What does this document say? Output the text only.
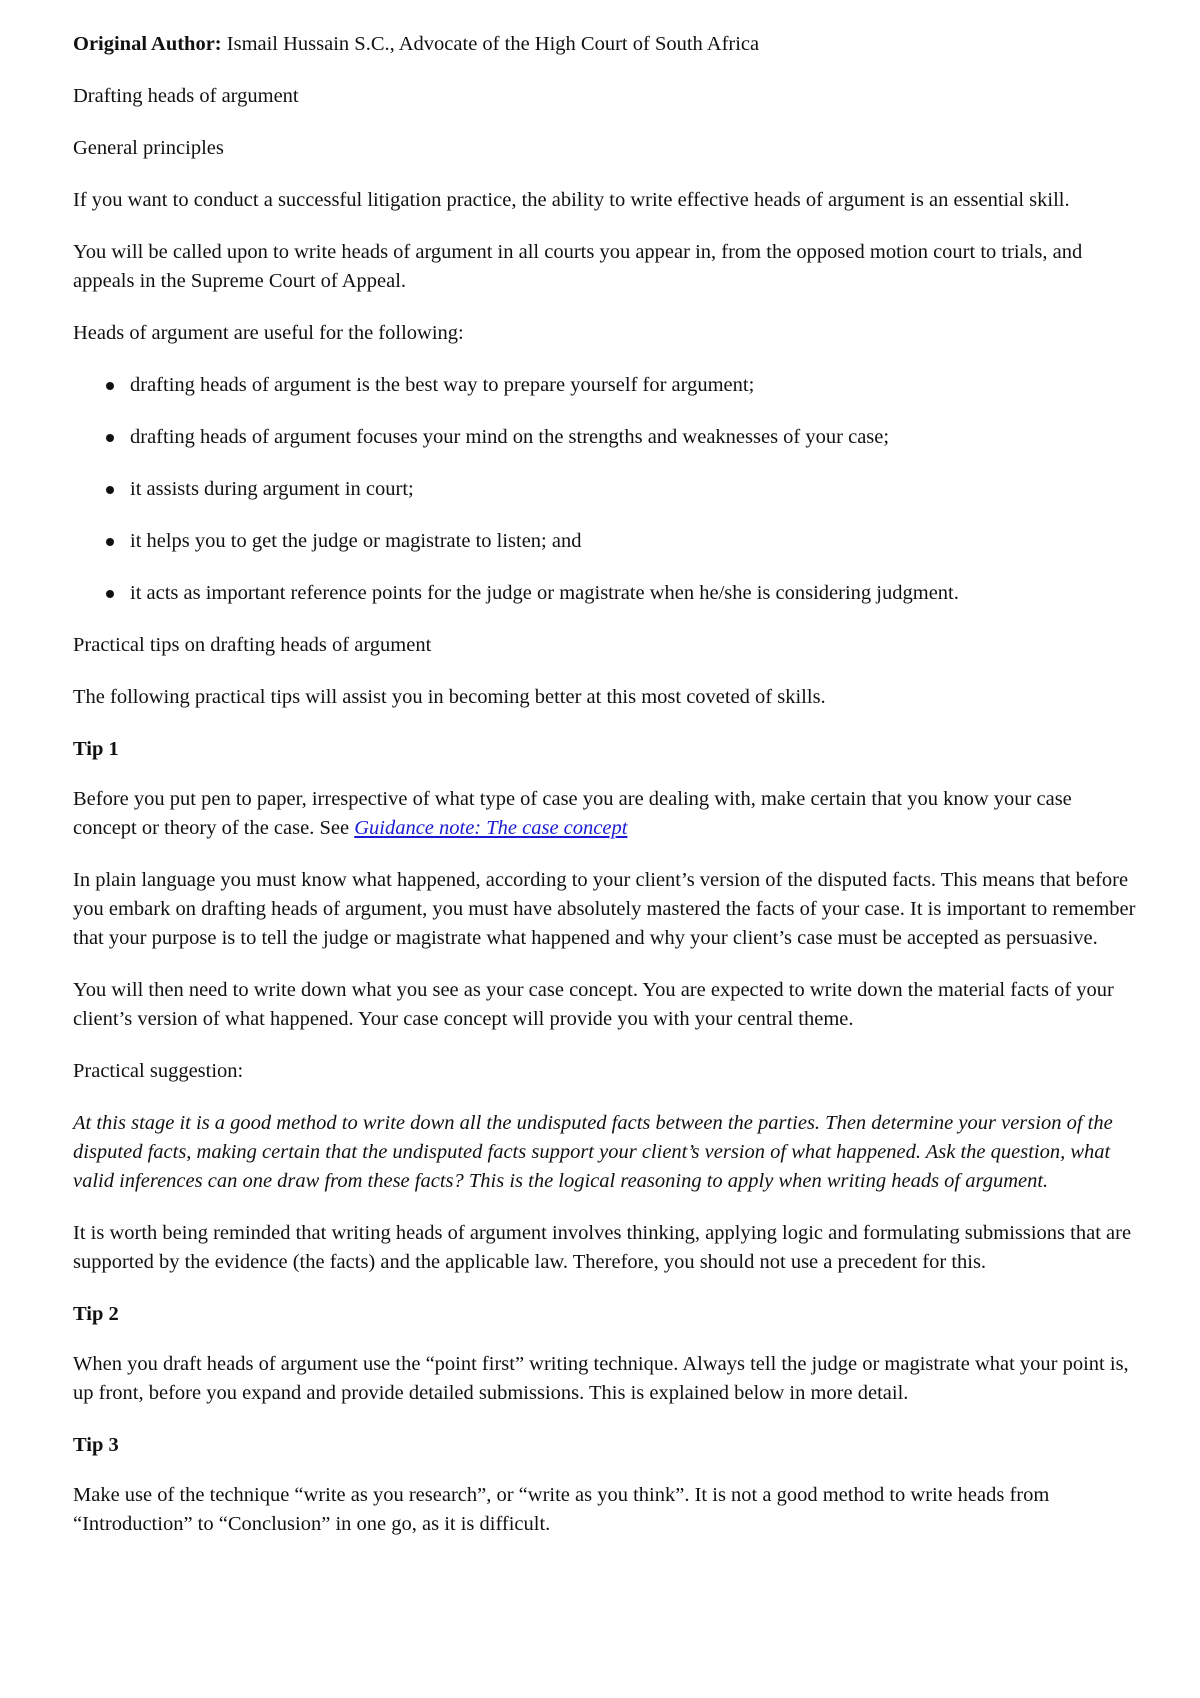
Original Author: Ismail Hussain S.C., Advocate of the High Court of South Africa

Drafting heads of argument

General principles

If you want to conduct a successful litigation practice, the ability to write effective heads of argument is an essential skill.

You will be called upon to write heads of argument in all courts you appear in, from the opposed motion court to trials, and appeals in the Supreme Court of Appeal.

Heads of argument are useful for the following:

drafting heads of argument is the best way to prepare yourself for argument;
drafting heads of argument focuses your mind on the strengths and weaknesses of your case;
it assists during argument in court;
it helps you to get the judge or magistrate to listen; and
it acts as important reference points for the judge or magistrate when he/she is considering judgment.

Practical tips on drafting heads of argument

The following practical tips will assist you in becoming better at this most coveted of skills.

Tip 1

Before you put pen to paper, irrespective of what type of case you are dealing with, make certain that you know your case concept or theory of the case. See Guidance note: The case concept

In plain language you must know what happened, according to your client’s version of the disputed facts. This means that before you embark on drafting heads of argument, you must have absolutely mastered the facts of your case. It is important to remember that your purpose is to tell the judge or magistrate what happened and why your client’s case must be accepted as persuasive.

You will then need to write down what you see as your case concept. You are expected to write down the material facts of your client’s version of what happened. Your case concept will provide you with your central theme.

Practical suggestion:

At this stage it is a good method to write down all the undisputed facts between the parties. Then determine your version of the disputed facts, making certain that the undisputed facts support your client’s version of what happened. Ask the question, what valid inferences can one draw from these facts? This is the logical reasoning to apply when writing heads of argument.

It is worth being reminded that writing heads of argument involves thinking, applying logic and formulating submissions that are supported by the evidence (the facts) and the applicable law. Therefore, you should not use a precedent for this.

Tip 2

When you draft heads of argument use the “point first” writing technique. Always tell the judge or magistrate what your point is, up front, before you expand and provide detailed submissions. This is explained below in more detail.

Tip 3

Make use of the technique “write as you research”, or “write as you think”. It is not a good method to write heads from “Introduction” to “Conclusion” in one go, as it is difficult.
